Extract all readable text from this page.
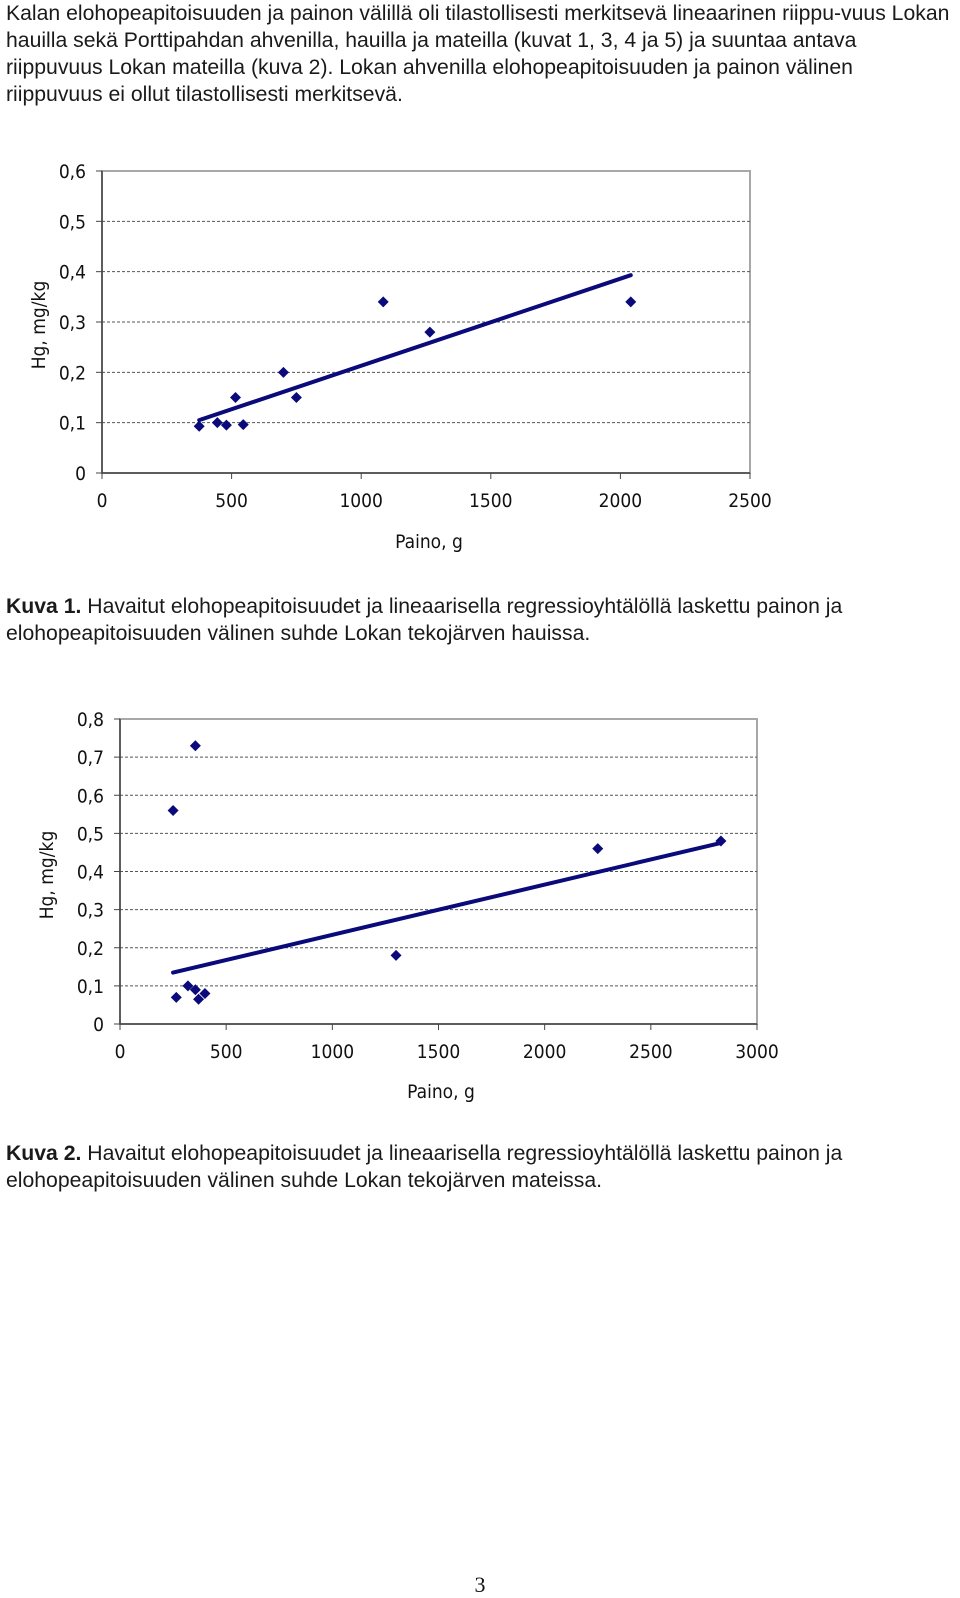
Kalan elohopeapitoisuuden ja painon välillä oli tilastollisesti merkitsevä lineaarinen riippu-vuus Lokan hauilla sekä Porttipahdan ahvenilla, hauilla ja mateilla (kuvat 1, 3, 4 ja 5) ja suuntaa antava riippuvuus Lokan mateilla (kuva 2). Lokan ahvenilla elohopeapitoisuuden ja painon välinen riippuvuus ei ollut tilastollisesti merkitsevä.

0
0,1
0,2
0,3
0,4
0,5
0,6
0	500	1000	1500	2000	2500
Paino, g
Hg, mg/kg

Kuva 1. Havaitut elohopeapitoisuudet ja lineaarisella regressioyhtälöllä laskettu painon ja elohopeapitoisuuden välinen suhde Lokan tekojärven hauissa.

0
0,1
0,2
0,3
0,4
0,5
0,6
0,7
0,8
0	500	1000	1500	2000	2500	3000
Paino, g
Hg, mg/kg

Kuva 2. Havaitut elohopeapitoisuudet ja lineaarisella regressioyhtälöllä laskettu painon ja elohopeapitoisuuden välinen suhde Lokan tekojärven mateissa.

3
